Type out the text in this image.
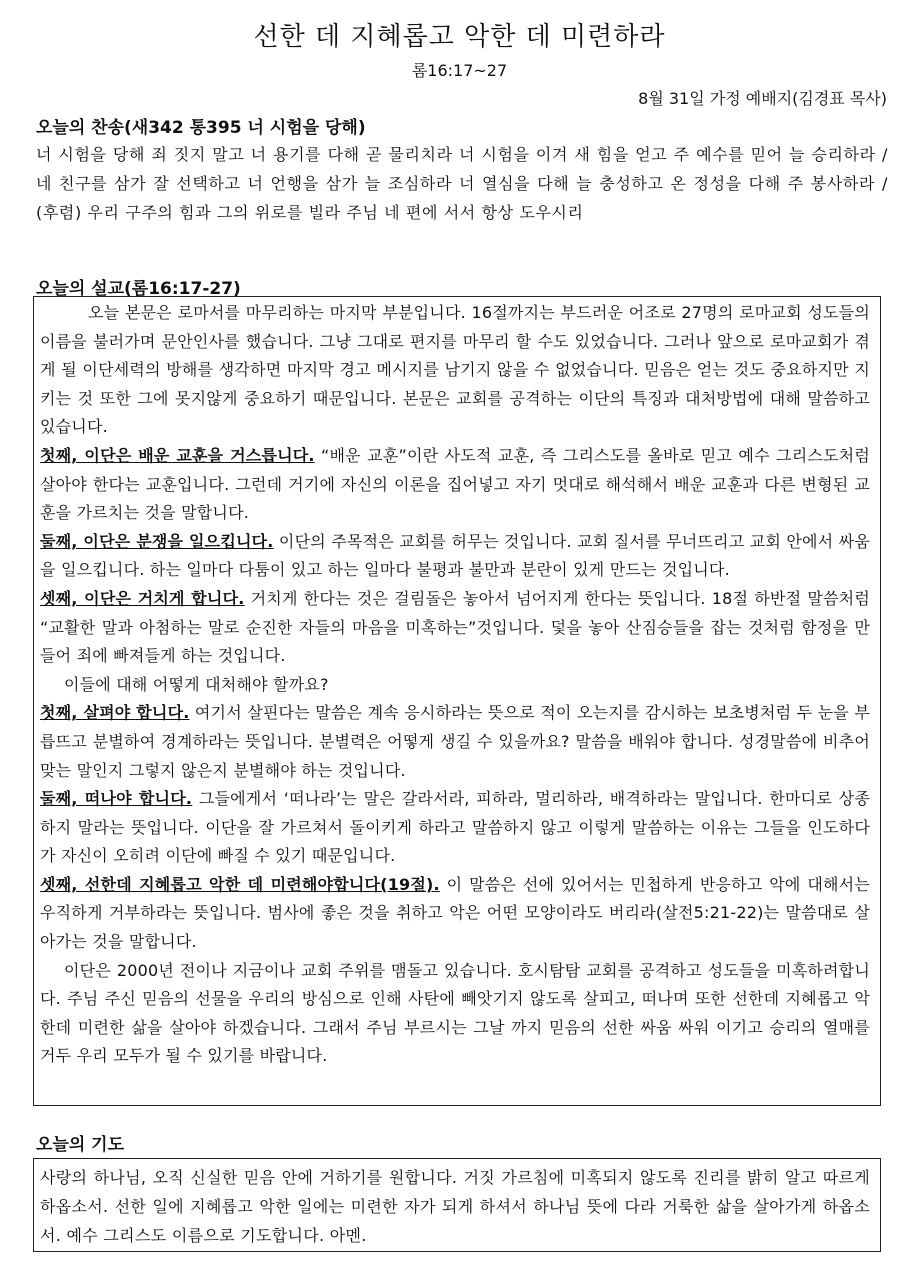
선한 데 지혜롭고 악한 데 미련하라
롬16:17~27
8월 31일 가정 예배지(김경표 목사)
오늘의 찬송(새342 통395 너 시험을 당해)
너 시험을 당해 죄 짓지 말고 너 용기를 다해 곧 물리치라 너 시험을 이겨 새 힘을 얻고 주 예수를 믿어 늘 승리하라 / 네 친구를 삼가 잘 선택하고 너 언행을 삼가 늘 조심하라 너 열심을 다해 늘 충성하고 온 정성을 다해 주 봉사하라 / (후렴) 우리 구주의 힘과 그의 위로를 빌라 주님 네 편에 서서 항상 도우시리
오늘의 설교(롬16:17-27)

오늘 본문은 로마서를 마무리하는 마지막 부분입니다. 16절까지는 부드러운 어조로 27명의 로마교회 성도들의 이름을 불러가며 문안인사를 했습니다. 그냥 그대로 편지를 마무리 할 수도 있었습니다. 그러나 앞으로 로마교회가 겪게 될 이단세력의 방해를 생각하면 마지막 경고 메시지를 남기지 않을 수 없었습니다. 믿음은 얻는 것도 중요하지만 지키는 것 또한 그에 못지않게 중요하기 때문입니다. 본문은 교회를 공격하는 이단의 특징과 대처방법에 대해 말씀하고 있습니다.

첫째, 이단은 배운 교훈을 거스릅니다. “배운 교훈”이란 사도적 교훈, 즉 그리스도를 올바로 믿고 예수 그리스도처럼 살아야 한다는 교훈입니다. 그런데 거기에 자신의 이론을 집어넣고 자기 멋대로 해석해서 배운 교훈과 다른 변형된 교훈을 가르치는 것을 말합니다.

둘째, 이단은 분쟁을 일으킵니다. 이단의 주목적은 교회를 허무는 것입니다. 교회 질서를 무너뜨리고 교회 안에서 싸움을 일으킵니다. 하는 일마다 다툼이 있고 하는 일마다 불평과 불만과 분란이 있게 만드는 것입니다.

셋째, 이단은 거치게 합니다. 거치게 한다는 것은 걸림돌은 놓아서 넘어지게 한다는 뜻입니다. 18절 하반절 말씀처럼 “교활한 말과 아첨하는 말로 순진한 자들의 마음을 미혹하는”것입니다. 덫을 놓아 산짐승들을 잡는 것처럼 함정을 만들어 죄에 빠져들게 하는 것입니다.

이들에 대해 어떻게 대처해야 할까요?

첫째, 살펴야 합니다. 여기서 살핀다는 말씀은 계속 응시하라는 뜻으로 적이 오는지를 감시하는 보초병처럼 두 눈을 부릅뜨고 분별하여 경계하라는 뜻입니다. 분별력은 어떻게 생길 수 있을까요? 말씀을 배워야 합니다. 성경말씀에 비추어 맞는 말인지 그렇지 않은지 분별해야 하는 것입니다.

둘째, 떠나야 합니다. 그들에게서 ‘떠나라’는 말은 갈라서라, 피하라, 멀리하라, 배격하라는 말입니다. 한마디로 상종 하지 말라는 뜻입니다. 이단을 잘 가르쳐서 돌이키게 하라고 말씀하지 않고 이렇게 말씀하는 이유는 그들을 인도하다가 자신이 오히려 이단에 빠질 수 있기 때문입니다.

셋째, 선한데 지혜롭고 악한 데 미련해야합니다(19절). 이 말씀은 선에 있어서는 민첩하게 반응하고 악에 대해서는 우직하게 거부하라는 뜻입니다. 범사에 좋은 것을 취하고 악은 어떤 모양이라도 버리라(살전5:21-22)는 말씀대로 살아가는 것을 말합니다.

이단은 2000년 전이나 지금이나 교회 주위를 맴돌고 있습니다. 호시탐탐 교회를 공격하고 성도들을 미혹하려합니다. 주님 주신 믿음의 선물을 우리의 방심으로 인해 사탄에 빼앗기지 않도록 살피고, 떠나며 또한 선한데 지혜롭고 악한데 미련한 삶을 살아야 하겠습니다. 그래서 주님 부르시는 그날 까지 믿음의 선한 싸움 싸워 이기고 승리의 열매를 거두 우리 모두가 될 수 있기를 바랍니다.

오늘의 기도
사랑의 하나님, 오직 신실한 믿음 안에 거하기를 원합니다. 거짓 가르침에 미혹되지 않도록 진리를 밝히 알고 따르게 하옵소서. 선한 일에 지혜롭고 악한 일에는 미련한 자가 되게 하셔서 하나님 뜻에 다라 거룩한 삶을 살아가게 하옵소서. 예수 그리스도 이름으로 기도합니다. 아멘.
